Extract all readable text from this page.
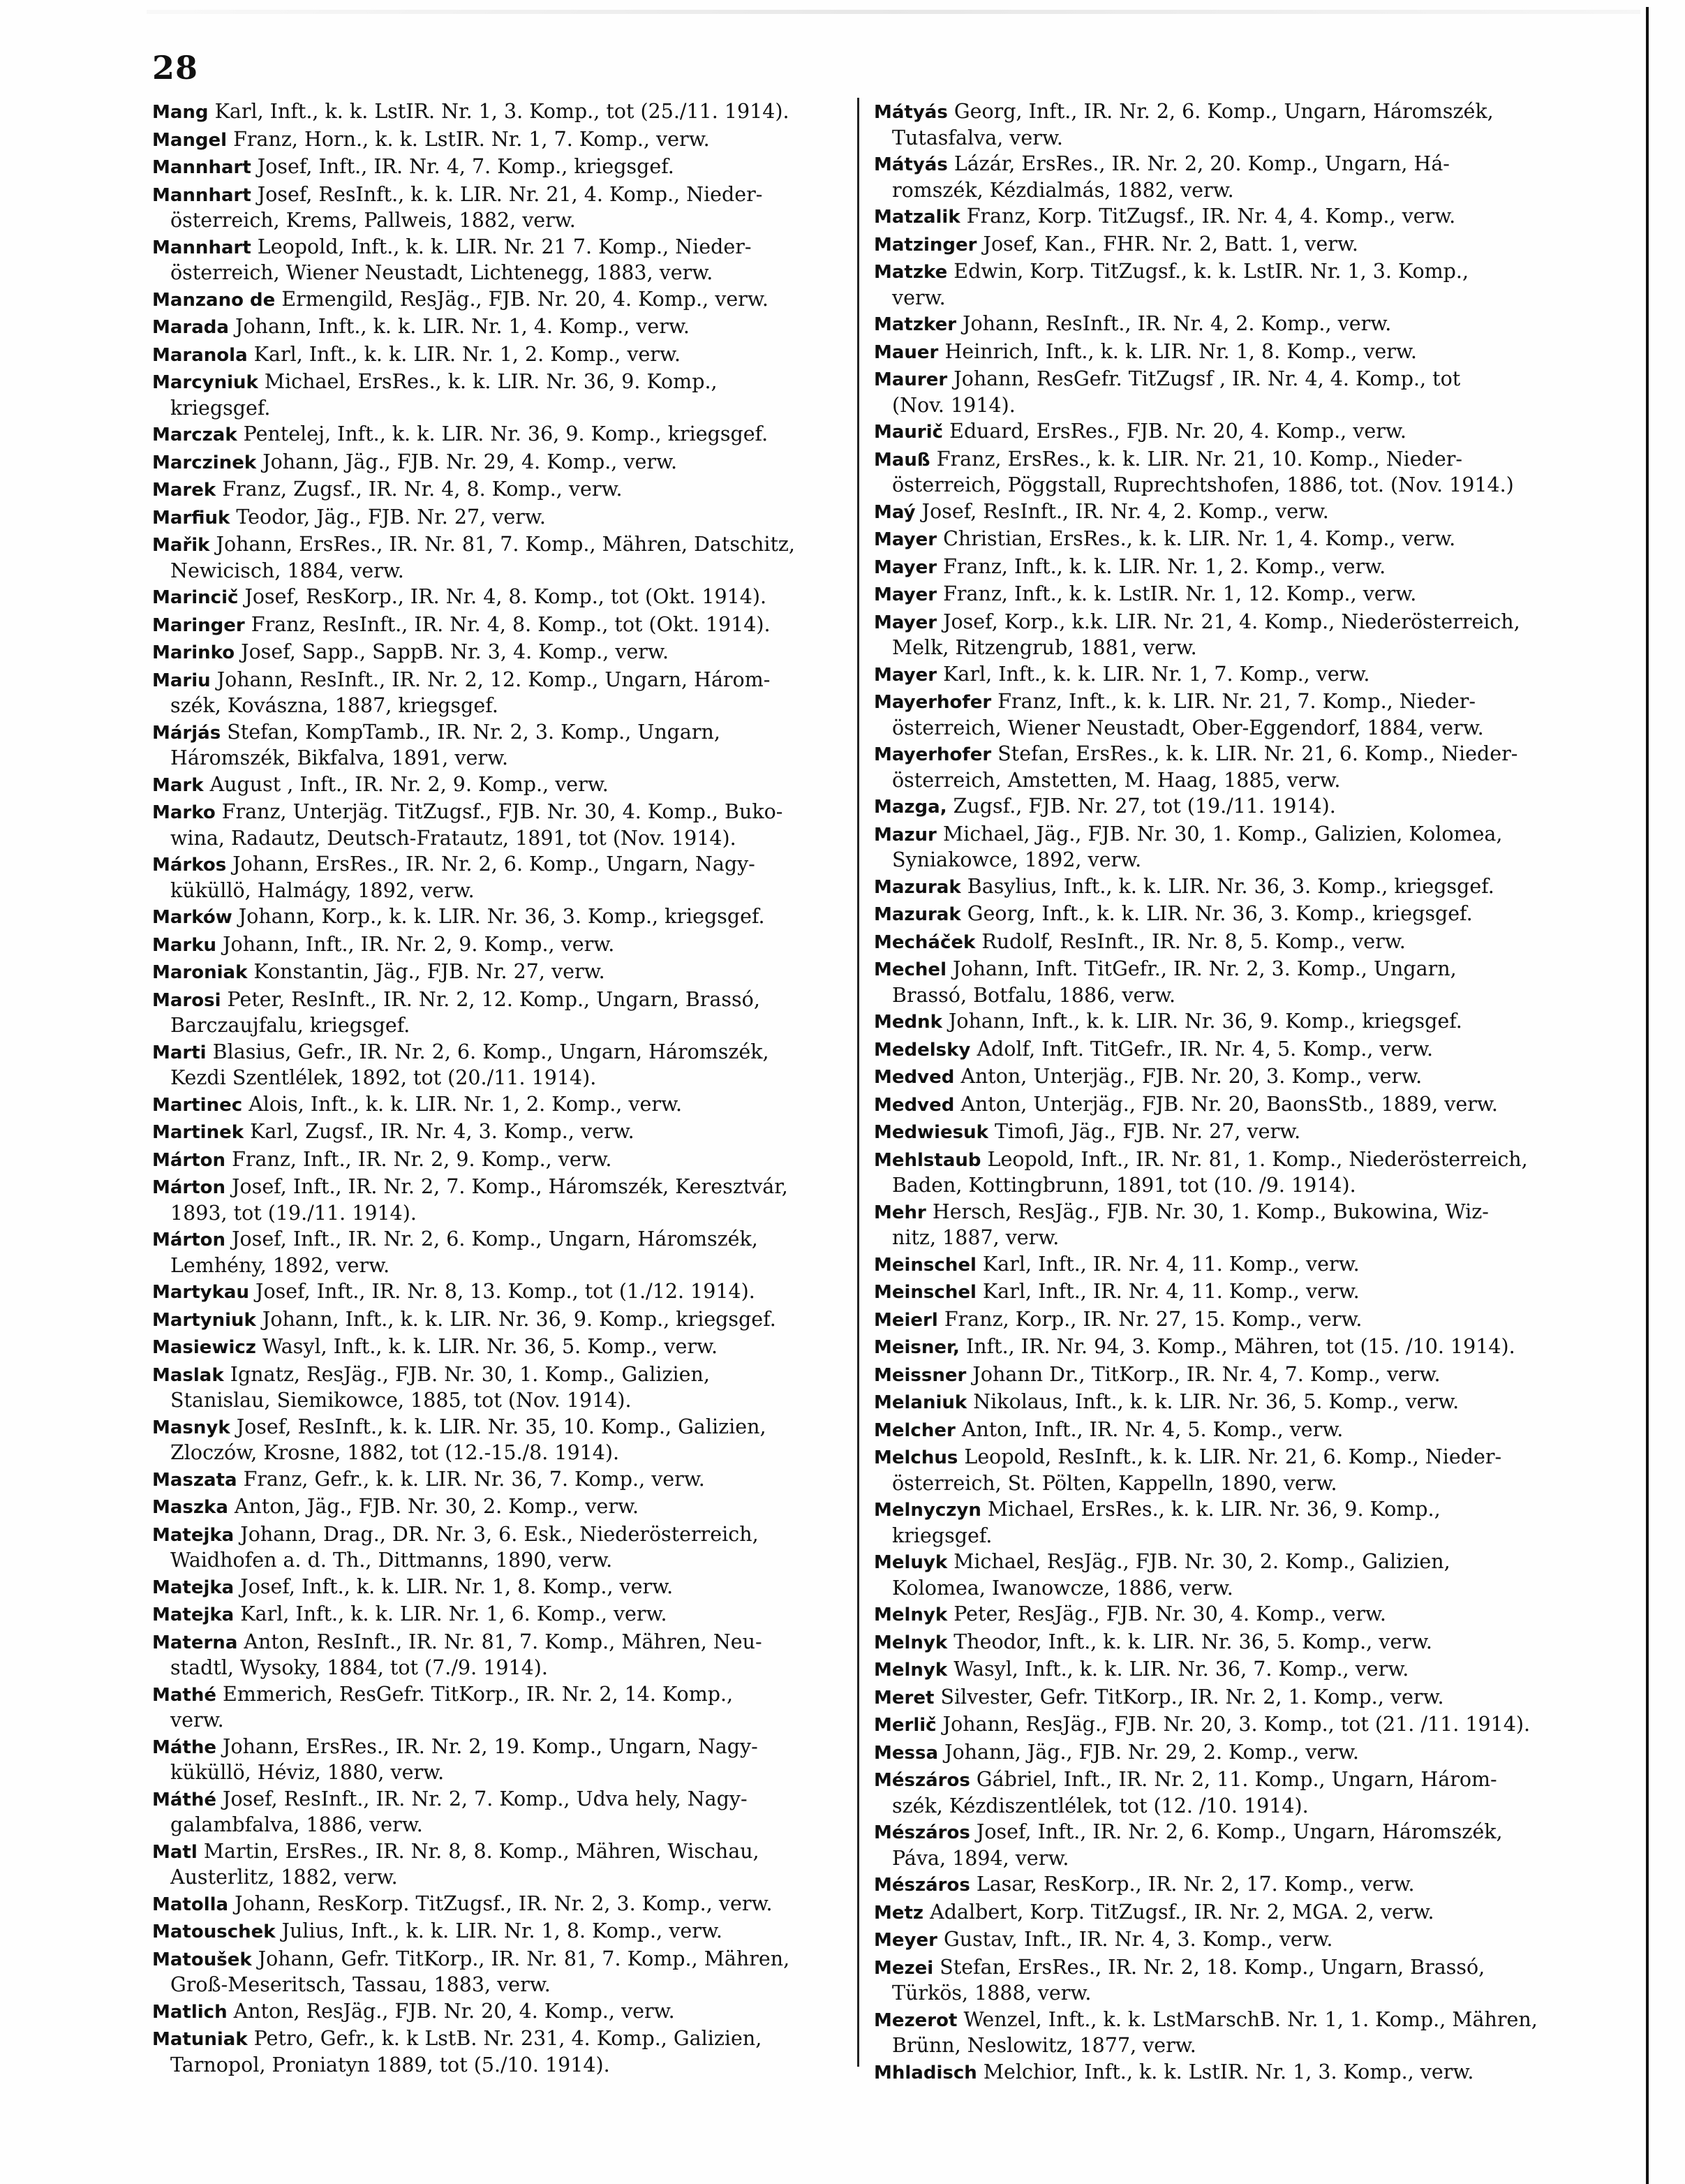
28
Mang Karl, Inft., k. k. LstIR. Nr. 1, 3. Komp., tot (25./11. 1914).
Mangel Franz, Horn., k. k. LstIR. Nr. 1, 7. Komp., verw.
Mannhart Josef, Inft., IR. Nr. 4, 7. Komp., kriegsgef.
Mannhart Josef, ResInft., k. k. LIR. Nr. 21, 4. Komp., Nieder-
österreich, Krems, Pallweis, 1882, verw.
Mannhart Leopold, Inft., k. k. LIR. Nr. 21 7. Komp., Nieder-
österreich, Wiener Neustadt, Lichtenegg, 1883, verw.
Manzano de Ermengild, ResJäg., FJB. Nr. 20, 4. Komp., verw.
Marada Johann, Inft., k. k. LIR. Nr. 1, 4. Komp., verw.
Maranola Karl, Inft., k. k. LIR. Nr. 1, 2. Komp., verw.
Marcyniuk Michael, ErsRes., k. k. LIR. Nr. 36, 9. Komp.,
kriegsgef.
Marczak Pentelej, Inft., k. k. LIR. Nr. 36, 9. Komp., kriegsgef.
Marczinek Johann, Jäg., FJB. Nr. 29, 4. Komp., verw.
Marek Franz, Zugsf., IR. Nr. 4, 8. Komp., verw.
Marfiuk Teodor, Jäg., FJB. Nr. 27, verw.
Mařik Johann, ErsRes., IR. Nr. 81, 7. Komp., Mähren, Datschitz,
Newicisch, 1884, verw.
Marincič Josef, ResKorp., IR. Nr. 4, 8. Komp., tot (Okt. 1914).
Maringer Franz, ResInft., IR. Nr. 4, 8. Komp., tot (Okt. 1914).
Marinko Josef, Sapp., SappB. Nr. 3, 4. Komp., verw.
Mariu Johann, ResInft., IR. Nr. 2, 12. Komp., Ungarn, Három-
szék, Kovászna, 1887, kriegsgef.
Márjás Stefan, KompTamb., IR. Nr. 2, 3. Komp., Ungarn,
Háromszék, Bikfalva, 1891, verw.
Mark August , Inft., IR. Nr. 2, 9. Komp., verw.
Marko Franz, Unterjäg. TitZugsf., FJB. Nr. 30, 4. Komp., Buko-
wina, Radautz, Deutsch-Fratautz, 1891, tot (Nov. 1914).
Márkos Johann, ErsRes., IR. Nr. 2, 6. Komp., Ungarn, Nagy-
küküllö, Halmágy, 1892, verw.
Marków Johann, Korp., k. k. LIR. Nr. 36, 3. Komp., kriegsgef.
Marku Johann, Inft., IR. Nr. 2, 9. Komp., verw.
Maroniak Konstantin, Jäg., FJB. Nr. 27, verw.
Marosi Peter, ResInft., IR. Nr. 2, 12. Komp., Ungarn, Brassó,
Barczaujfalu, kriegsgef.
Marti Blasius, Gefr., IR. Nr. 2, 6. Komp., Ungarn, Háromszék,
Kezdi Szentlélek, 1892, tot (20./11. 1914).
Martinec Alois, Inft., k. k. LIR. Nr. 1, 2. Komp., verw.
Martinek Karl, Zugsf., IR. Nr. 4, 3. Komp., verw.
Márton Franz, Inft., IR. Nr. 2, 9. Komp., verw.
Márton Josef, Inft., IR. Nr. 2, 7. Komp., Háromszék, Keresztvár,
1893, tot (19./11. 1914).
Márton Josef, Inft., IR. Nr. 2, 6. Komp., Ungarn, Háromszék,
Lemhény, 1892, verw.
Martykau Josef, Inft., IR. Nr. 8, 13. Komp., tot (1./12. 1914).
Martyniuk Johann, Inft., k. k. LIR. Nr. 36, 9. Komp., kriegsgef.
Masiewicz Wasyl, Inft., k. k. LIR. Nr. 36, 5. Komp., verw.
Maslak Ignatz, ResJäg., FJB. Nr. 30, 1. Komp., Galizien,
Stanislau, Siemikowce, 1885, tot (Nov. 1914).
Masnyk Josef, ResInft., k. k. LIR. Nr. 35, 10. Komp., Galizien,
Zloczów, Krosne, 1882, tot (12.-15./8. 1914).
Maszata Franz, Gefr., k. k. LIR. Nr. 36, 7. Komp., verw.
Maszka Anton, Jäg., FJB. Nr. 30, 2. Komp., verw.
Matejka Johann, Drag., DR. Nr. 3, 6. Esk., Niederösterreich,
Waidhofen a. d. Th., Dittmanns, 1890, verw.
Matejka Josef, Inft., k. k. LIR. Nr. 1, 8. Komp., verw.
Matejka Karl, Inft., k. k. LIR. Nr. 1, 6. Komp., verw.
Materna Anton, ResInft., IR. Nr. 81, 7. Komp., Mähren, Neu-
stadtl, Wysoky, 1884, tot (7./9. 1914).
Mathé Emmerich, ResGefr. TitKorp., IR. Nr. 2, 14. Komp.,
verw.
Máthe Johann, ErsRes., IR. Nr. 2, 19. Komp., Ungarn, Nagy-
küküllö, Héviz, 1880, verw.
Máthé Josef, ResInft., IR. Nr. 2, 7. Komp., Udva hely, Nagy-
galambfalva, 1886, verw.
Matl Martin, ErsRes., IR. Nr. 8, 8. Komp., Mähren, Wischau,
Austerlitz, 1882, verw.
Matolla Johann, ResKorp. TitZugsf., IR. Nr. 2, 3. Komp., verw.
Matouschek Julius, Inft., k. k. LIR. Nr. 1, 8. Komp., verw.
Matoušek Johann, Gefr. TitKorp., IR. Nr. 81, 7. Komp., Mähren,
Groß-Meseritsch, Tassau, 1883, verw.
Matlich Anton, ResJäg., FJB. Nr. 20, 4. Komp., verw.
Matuniak Petro, Gefr., k. k LstB. Nr. 231, 4. Komp., Galizien,
Tarnopol, Proniatyn 1889, tot (5./10. 1914).
Mátyás Georg, Inft., IR. Nr. 2, 6. Komp., Ungarn, Háromszék,
Tutasfalva, verw.
Mátyás Lázár, ErsRes., IR. Nr. 2, 20. Komp., Ungarn, Há-
romszék, Kézdialmás, 1882, verw.
Matzalik Franz, Korp. TitZugsf., IR. Nr. 4, 4. Komp., verw.
Matzinger Josef, Kan., FHR. Nr. 2, Batt. 1, verw.
Matzke Edwin, Korp. TitZugsf., k. k. LstIR. Nr. 1, 3. Komp.,
verw.
Matzker Johann, ResInft., IR. Nr. 4, 2. Komp., verw.
Mauer Heinrich, Inft., k. k. LIR. Nr. 1, 8. Komp., verw.
Maurer Johann, ResGefr. TitZugsf , IR. Nr. 4, 4. Komp., tot
(Nov. 1914).
Maurič Eduard, ErsRes., FJB. Nr. 20, 4. Komp., verw.
Mauß Franz, ErsRes., k. k. LIR. Nr. 21, 10. Komp., Nieder-
österreich, Pöggstall, Ruprechtshofen, 1886, tot. (Nov. 1914.)
Maý Josef, ResInft., IR. Nr. 4, 2. Komp., verw.
Mayer Christian, ErsRes., k. k. LIR. Nr. 1, 4. Komp., verw.
Mayer Franz, Inft., k. k. LIR. Nr. 1, 2. Komp., verw.
Mayer Franz, Inft., k. k. LstIR. Nr. 1, 12. Komp., verw.
Mayer Josef, Korp., k.k. LIR. Nr. 21, 4. Komp., Niederösterreich,
Melk, Ritzengrub, 1881, verw.
Mayer Karl, Inft., k. k. LIR. Nr. 1, 7. Komp., verw.
Mayerhofer Franz, Inft., k. k. LIR. Nr. 21, 7. Komp., Nieder-
österreich, Wiener Neustadt, Ober-Eggendorf, 1884, verw.
Mayerhofer Stefan, ErsRes., k. k. LIR. Nr. 21, 6. Komp., Nieder-
österreich, Amstetten, M. Haag, 1885, verw.
Mazga, Zugsf., FJB. Nr. 27, tot (19./11. 1914).
Mazur Michael, Jäg., FJB. Nr. 30, 1. Komp., Galizien, Kolomea,
Syniakowce, 1892, verw.
Mazurak Basylius, Inft., k. k. LIR. Nr. 36, 3. Komp., kriegsgef.
Mazurak Georg, Inft., k. k. LIR. Nr. 36, 3. Komp., kriegsgef.
Mecháček Rudolf, ResInft., IR. Nr. 8, 5. Komp., verw.
Mechel Johann, Inft. TitGefr., IR. Nr. 2, 3. Komp., Ungarn,
Brassó, Botfalu, 1886, verw.
Mednk Johann, Inft., k. k. LIR. Nr. 36, 9. Komp., kriegsgef.
Medelsky Adolf, Inft. TitGefr., IR. Nr. 4, 5. Komp., verw.
Medved Anton, Unterjäg., FJB. Nr. 20, 3. Komp., verw.
Medved Anton, Unterjäg., FJB. Nr. 20, BaonsStb., 1889, verw.
Medwiesuk Timofi, Jäg., FJB. Nr. 27, verw.
Mehlstaub Leopold, Inft., IR. Nr. 81, 1. Komp., Niederösterreich,
Baden, Kottingbrunn, 1891, tot (10. /9. 1914).
Mehr Hersch, ResJäg., FJB. Nr. 30, 1. Komp., Bukowina, Wiz-
nitz, 1887, verw.
Meinschel Karl, Inft., IR. Nr. 4, 11. Komp., verw.
Meinschel Karl, Inft., IR. Nr. 4, 11. Komp., verw.
Meierl Franz, Korp., IR. Nr. 27, 15. Komp., verw.
Meisner, Inft., IR. Nr. 94, 3. Komp., Mähren, tot (15. /10. 1914).
Meissner Johann Dr., TitKorp., IR. Nr. 4, 7. Komp., verw.
Melaniuk Nikolaus, Inft., k. k. LIR. Nr. 36, 5. Komp., verw.
Melcher Anton, Inft., IR. Nr. 4, 5. Komp., verw.
Melchus Leopold, ResInft., k. k. LIR. Nr. 21, 6. Komp., Nieder-
österreich, St. Pölten, Kappelln, 1890, verw.
Melnyczyn Michael, ErsRes., k. k. LIR. Nr. 36, 9. Komp.,
kriegsgef.
Meluyk Michael, ResJäg., FJB. Nr. 30, 2. Komp., Galizien,
Kolomea, Iwanowcze, 1886, verw.
Melnyk Peter, ResJäg., FJB. Nr. 30, 4. Komp., verw.
Melnyk Theodor, Inft., k. k. LIR. Nr. 36, 5. Komp., verw.
Melnyk Wasyl, Inft., k. k. LIR. Nr. 36, 7. Komp., verw.
Meret Silvester, Gefr. TitKorp., IR. Nr. 2, 1. Komp., verw.
Merlič Johann, ResJäg., FJB. Nr. 20, 3. Komp., tot (21. /11. 1914).
Messa Johann, Jäg., FJB. Nr. 29, 2. Komp., verw.
Mészáros Gábriel, Inft., IR. Nr. 2, 11. Komp., Ungarn, Három-
szék, Kézdiszentlélek, tot (12. /10. 1914).
Mészáros Josef, Inft., IR. Nr. 2, 6. Komp., Ungarn, Háromszék,
Páva, 1894, verw.
Mészáros Lasar, ResKorp., IR. Nr. 2, 17. Komp., verw.
Metz Adalbert, Korp. TitZugsf., IR. Nr. 2, MGA. 2, verw.
Meyer Gustav, Inft., IR. Nr. 4, 3. Komp., verw.
Mezei Stefan, ErsRes., IR. Nr. 2, 18. Komp., Ungarn, Brassó,
Türkös, 1888, verw.
Mezerot Wenzel, Inft., k. k. LstMarschB. Nr. 1, 1. Komp., Mähren,
Brünn, Neslowitz, 1877, verw.
Mhladisch Melchior, Inft., k. k. LstIR. Nr. 1, 3. Komp., verw.
